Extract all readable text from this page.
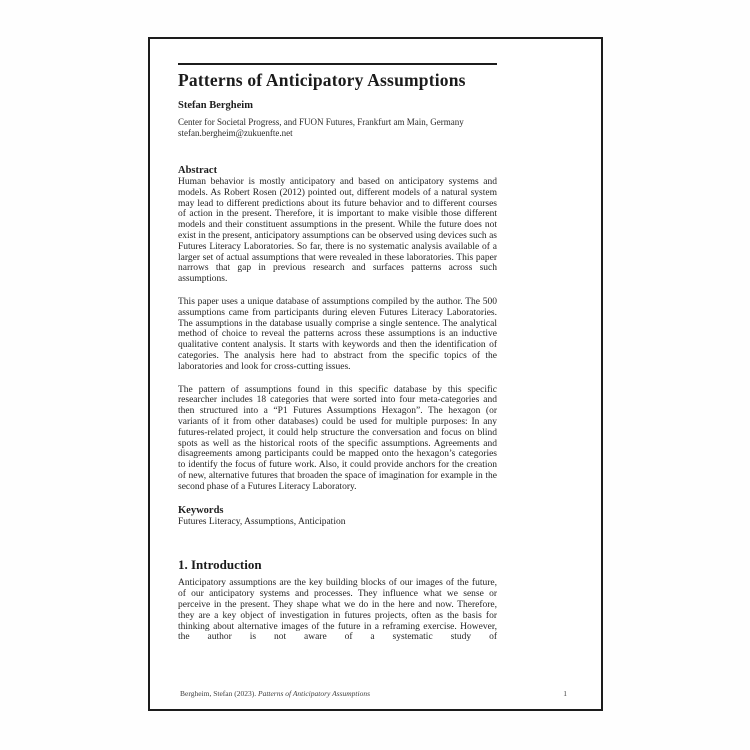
Patterns of Anticipatory Assumptions
Stefan Bergheim
Center for Societal Progress, and FUON Futures, Frankfurt am Main, Germany
stefan.bergheim@zukuenfte.net
Abstract

Human behavior is mostly anticipatory and based on anticipatory systems and models. As Robert Rosen (2012) pointed out, different models of a natural system may lead to different predictions about its future behavior and to different courses of action in the present. Therefore, it is important to make visible those different models and their constituent assumptions in the present. While the future does not exist in the present, anticipatory assumptions can be observed using devices such as Futures Literacy Laboratories. So far, there is no systematic analysis available of a larger set of actual assumptions that were revealed in these laboratories. This paper narrows that gap in previous research and surfaces patterns across such assumptions.

This paper uses a unique database of assumptions compiled by the author. The 500 assumptions came from participants during eleven Futures Literacy Laboratories. The assumptions in the database usually comprise a single sentence. The analytical method of choice to reveal the patterns across these assumptions is an inductive qualitative content analysis. It starts with keywords and then the identification of categories. The analysis here had to abstract from the specific topics of the laboratories and look for cross-cutting issues.

The pattern of assumptions found in this specific database by this specific researcher includes 18 categories that were sorted into four meta-categories and then structured into a “P1 Futures Assumptions Hexagon”. The hexagon (or variants of it from other databases) could be used for multiple purposes: In any futures-related project, it could help structure the conversation and focus on blind spots as well as the historical roots of the specific assumptions. Agreements and disagreements among participants could be mapped onto the hexagon’s categories to identify the focus of future work. Also, it could provide anchors for the creation of new, alternative futures that broaden the space of imagination for example in the second phase of a Futures Literacy Laboratory.

Keywords

Futures Literacy, Assumptions, Anticipation

1. Introduction

Anticipatory assumptions are the key building blocks of our images of the future, of our anticipatory systems and processes. They influence what we sense or perceive in the present. They shape what we do in the here and now. Therefore, they are a key object of investigation in futures projects, often as the basis for thinking about alternative images of the future in a reframing exercise. However, the author is not aware of a systematic study of

Bergheim, Stefan (2023). Patterns of Anticipatory Assumptions	1
